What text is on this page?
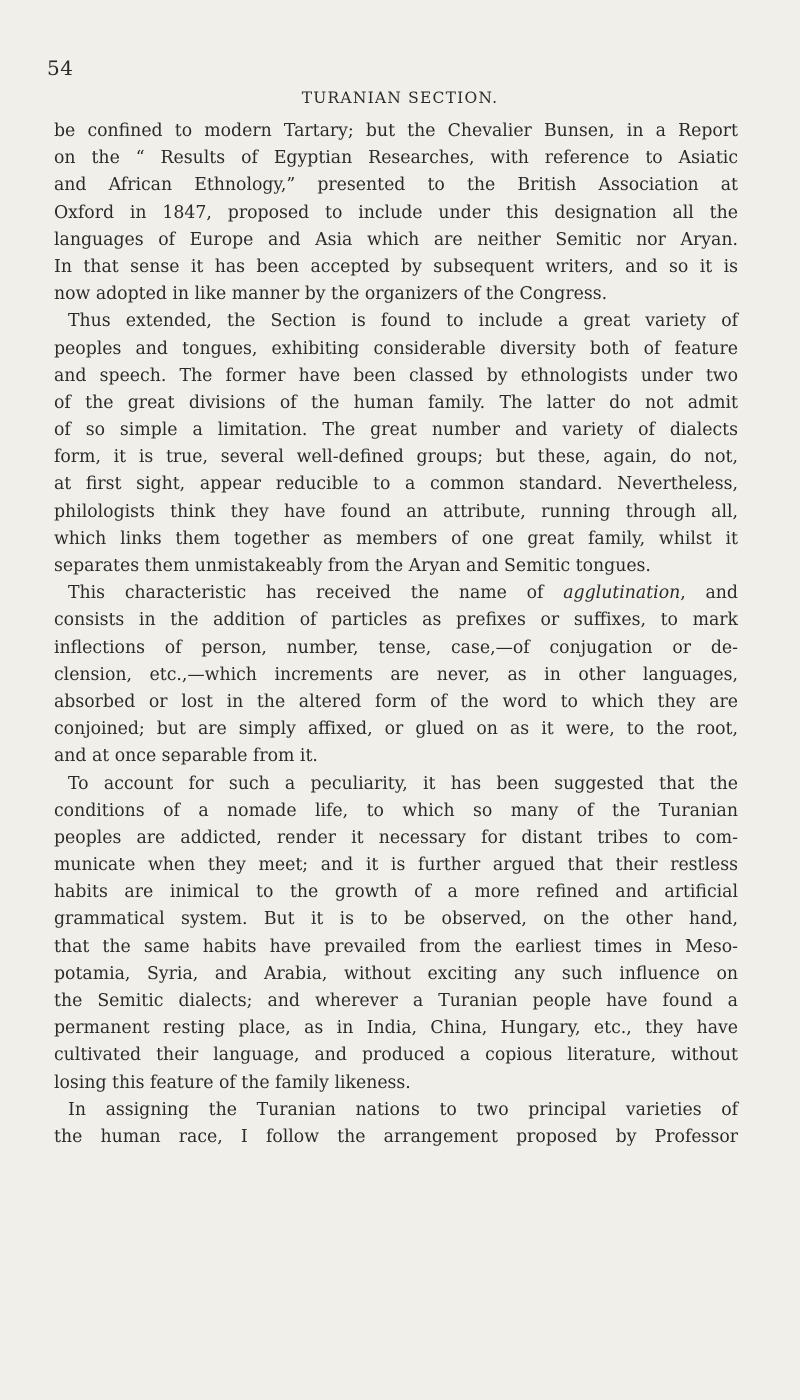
54
TURANIAN SECTION.
be confined to modern Tartary; but the Chevalier Bunsen, in a Report
on the “ Results of Egyptian Researches, with reference to Asiatic
and African Ethnology,” presented to the British Association at
Oxford in 1847, proposed to include under this designation all the
languages of Europe and Asia which are neither Semitic nor Aryan.
In that sense it has been accepted by subsequent writers, and so it is
now adopted in like manner by the organizers of the Congress.
Thus extended, the Section is found to include a great variety of
peoples and tongues, exhibiting considerable diversity both of feature
and speech. The former have been classed by ethnologists under two
of the great divisions of the human family. The latter do not admit
of so simple a limitation. The great number and variety of dialects
form, it is true, several well-defined groups; but these, again, do not,
at first sight, appear reducible to a common standard. Nevertheless,
philologists think they have found an attribute, running through all,
which links them together as members of one great family, whilst it
separates them unmistakeably from the Aryan and Semitic tongues.
This characteristic has received the name of agglutination, and
consists in the addition of particles as prefixes or suffixes, to mark
inflections of person, number, tense, case,—of conjugation or de-
clension, etc.,—which increments are never, as in other languages,
absorbed or lost in the altered form of the word to which they are
conjoined; but are simply affixed, or glued on as it were, to the root,
and at once separable from it.
To account for such a peculiarity, it has been suggested that the
conditions of a nomade life, to which so many of the Turanian
peoples are addicted, render it necessary for distant tribes to com-
municate when they meet; and it is further argued that their restless
habits are inimical to the growth of a more refined and artificial
grammatical system. But it is to be observed, on the other hand,
that the same habits have prevailed from the earliest times in Meso-
potamia, Syria, and Arabia, without exciting any such influence on
the Semitic dialects; and wherever a Turanian people have found a
permanent resting place, as in India, China, Hungary, etc., they have
cultivated their language, and produced a copious literature, without
losing this feature of the family likeness.
In assigning the Turanian nations to two principal varieties of
the human race, I follow the arrangement proposed by Professor
